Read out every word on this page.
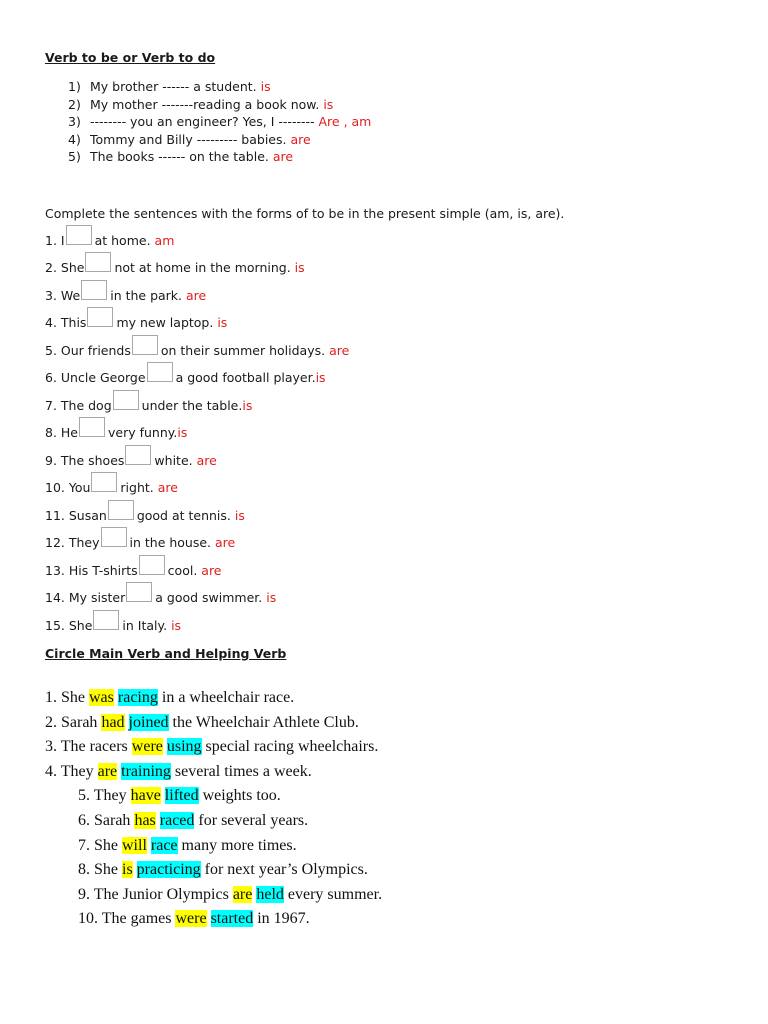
Verb to be or Verb to do
1) My brother ------ a student. is
2) My mother -------reading a book now. is
3) -------- you an engineer? Yes, I -------- Are , am
4) Tommy and Billy --------- babies. are
5) The books ------ on the table. are
Complete the sentences with the forms of to be in the present simple (am, is, are).
1. I at home.
am
2. She not at home in the morning.
is
3. We in the park.
are
4. This my new laptop.
is
5. Our friends on their summer holidays.
are
6. Uncle George a good football player. is
7. The dog under the table. is
8. He very funny. is
9. The shoes white.
are
10. You right.
are
11. Susan good at tennis.
is
12. They in the house.
are
13. His T-shirts cool.
are
14. My sister a good swimmer.
is
15. She in Italy.
is
Circle Main Verb and Helping Verb
1. She was racing in a wheelchair race.
2. Sarah had joined the Wheelchair Athlete Club.
3. The racers were using special racing wheelchairs.
4. They are training several times a week.
5. They have lifted weights too.
6. Sarah has raced for several years.
7. She will race many more times.
8. She is practicing for next year’s Olympics.
9. The Junior Olympics are held every summer.
10. The games were started in 1967.
